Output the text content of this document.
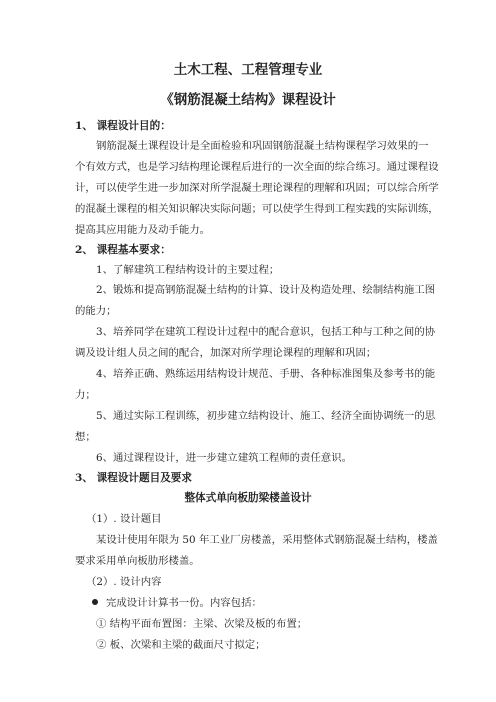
土木工程、工程管理专业
《钢筋混凝土结构》课程设计
1、 课程设计目的：
钢筋混凝土课程设计是全面检验和巩固钢筋混凝土结构课程学习效果的一
个有效方式，也是学习结构理论课程后进行的一次全面的综合练习。通过课程设
计，可以使学生进一步加深对所学混凝土理论课程的理解和巩固；可以综合所学
的混凝土课程的相关知识解决实际问题；可以使学生得到工程实践的实际训练，
提高其应用能力及动手能力。
2、 课程基本要求：
1、了解建筑工程结构设计的主要过程；
2、锻炼和提高钢筋混凝土结构的计算、设计及构造处理、绘制结构施工图
的能力；
3、培养同学在建筑工程设计过程中的配合意识，包括工种与工种之间的协
调及设计组人员之间的配合，加深对所学理论课程的理解和巩固；
4、培养正确、熟练运用结构设计规范、手册、各种标准图集及参考书的能
力；
5、通过实际工程训练，初步建立结构设计、施工、经济全面协调统一的思
想；
6、通过课程设计，进一步建立建筑工程师的责任意识。
3、 课程设计题目及要求
整体式单向板肋梁楼盖设计
（1）. 设计题目
某设计使用年限为 50 年工业厂房楼盖，采用整体式钢筋混凝土结构，楼盖
要求采用单向板肋形楼盖。
（2）. 设计内容
完成设计计算书一份。内容包括：
① 结构平面布置图：主梁、次梁及板的布置；
② 板、次梁和主梁的截面尺寸拟定；
